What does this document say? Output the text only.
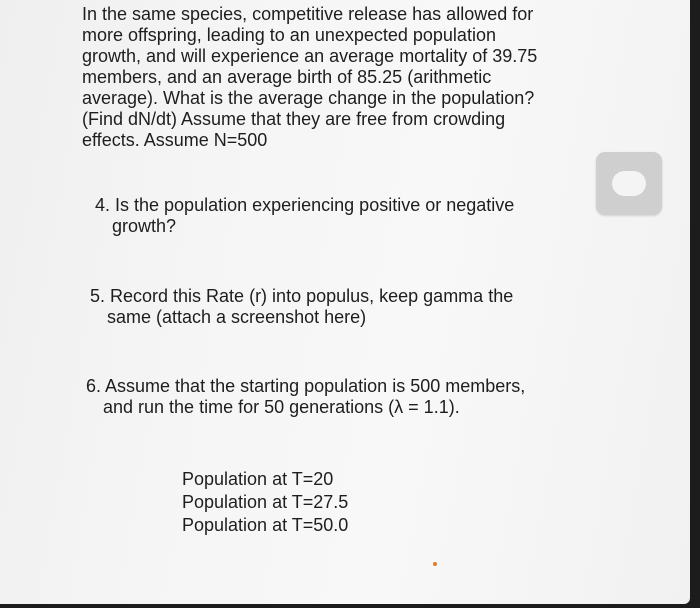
In the same species, competitive release has allowed for
more offspring, leading to an unexpected population
growth, and will experience an average mortality of 39.75
members, and an average birth of 85.25 (arithmetic
average). What is the average change in the population?
(Find dN/dt) Assume that they are free from crowding
effects. Assume N=500
4. Is the population experiencing positive or negative
growth?
5. Record this Rate (r) into populus, keep gamma the
same (attach a screenshot here)
6. Assume that the starting population is 500 members,
and run the time for 50 generations (λ = 1.1).
Population at T=20
Population at T=27.5
Population at T=50.0
